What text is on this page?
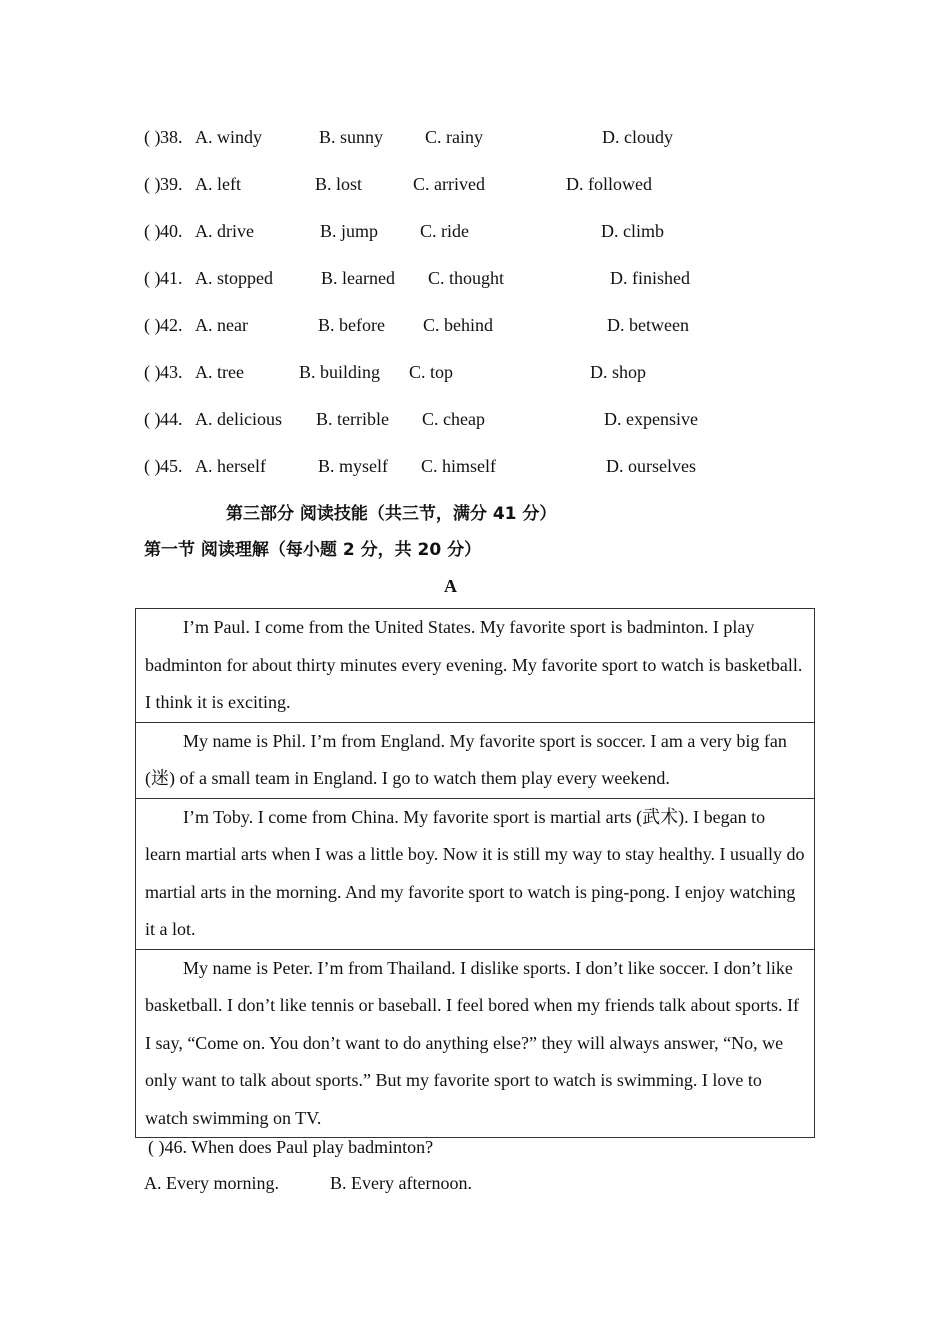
( ) 38. A. windy	B. sunny C. rainy	D. cloudy
( ) 39. A. left	B. lost	C. arrived	D. followed
( ) 40. A. drive	B. jump C. ride	D. climb
( ) 41. A. stopped	B. learned C. thought	D. finished
( ) 42. A. near	B. before C. behind	D. between
( ) 43. A. tree	B. building C. top	D. shop
( ) 44. A. delicious B. terrible C. cheap	D. expensive
( ) 45. A. herself	B. myself C. himself	D. ourselves
第三部分 阅读技能（共三节，满分 41 分）
第一节 阅读理解（每小题 2 分，共 20 分）
A
I’m Paul. I come from the United States. My favorite sport is badminton. I play badminton for about thirty minutes every evening. My favorite sport to watch is basketball. I think it is exciting.
My name is Phil. I’m from England. My favorite sport is soccer. I am a very big fan (迷) of a small team in England. I go to watch them play every weekend.
I’m Toby. I come from China. My favorite sport is martial arts (武术). I began to learn martial arts when I was a little boy. Now it is still my way to stay healthy. I usually do martial arts in the morning. And my favorite sport to watch is ping-pong. I enjoy watching it a lot.
My name is Peter. I’m from Thailand. I dislike sports. I don’t like soccer. I don’t like basketball. I don’t like tennis or baseball. I feel bored when my friends talk about sports. If I say, “Come on. You don’t want to do anything else?” they will always answer, “No, we only want to talk about sports.” But my favorite sport to watch is swimming. I love to watch swimming on TV.
( )46. When does Paul play badminton?
A. Every morning.	B. Every afternoon.
